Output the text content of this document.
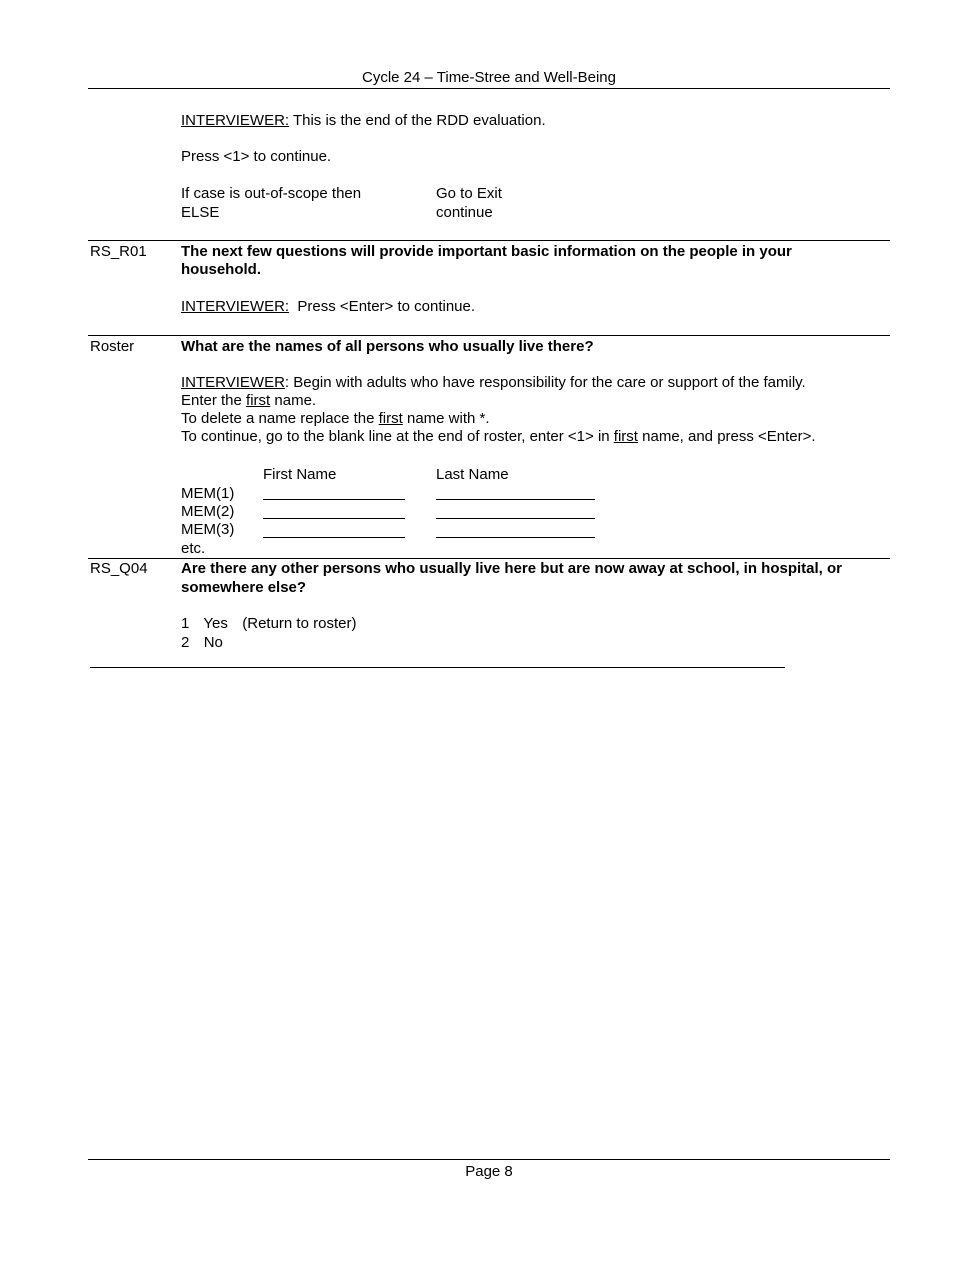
Cycle 24 – Time-Stree and Well-Being
INTERVIEWER: This is the end of the RDD evaluation.
Press <1> to continue.
If case is out-of-scope then	Go to Exit
ELSE	continue
RS_R01 The next few questions will provide important basic information on the people in your
household.
INTERVIEWER:  Press <Enter> to continue.
Roster	What are the names of all persons who usually live there?
INTERVIEWER: Begin with adults who have responsibility for the care or support of the family.
Enter the first name.
To delete a name replace the first name with *.
To continue, go to the blank line at the end of roster, enter <1> in first name, and press <Enter>.
First Name	Last Name
MEM(1)
MEM(2)
MEM(3)
etc.
RS_Q04 Are there any other persons who usually live here but are now away at school, in hospital, or
somewhere else?
1 Yes (Return to roster)
2 No
Page 8
